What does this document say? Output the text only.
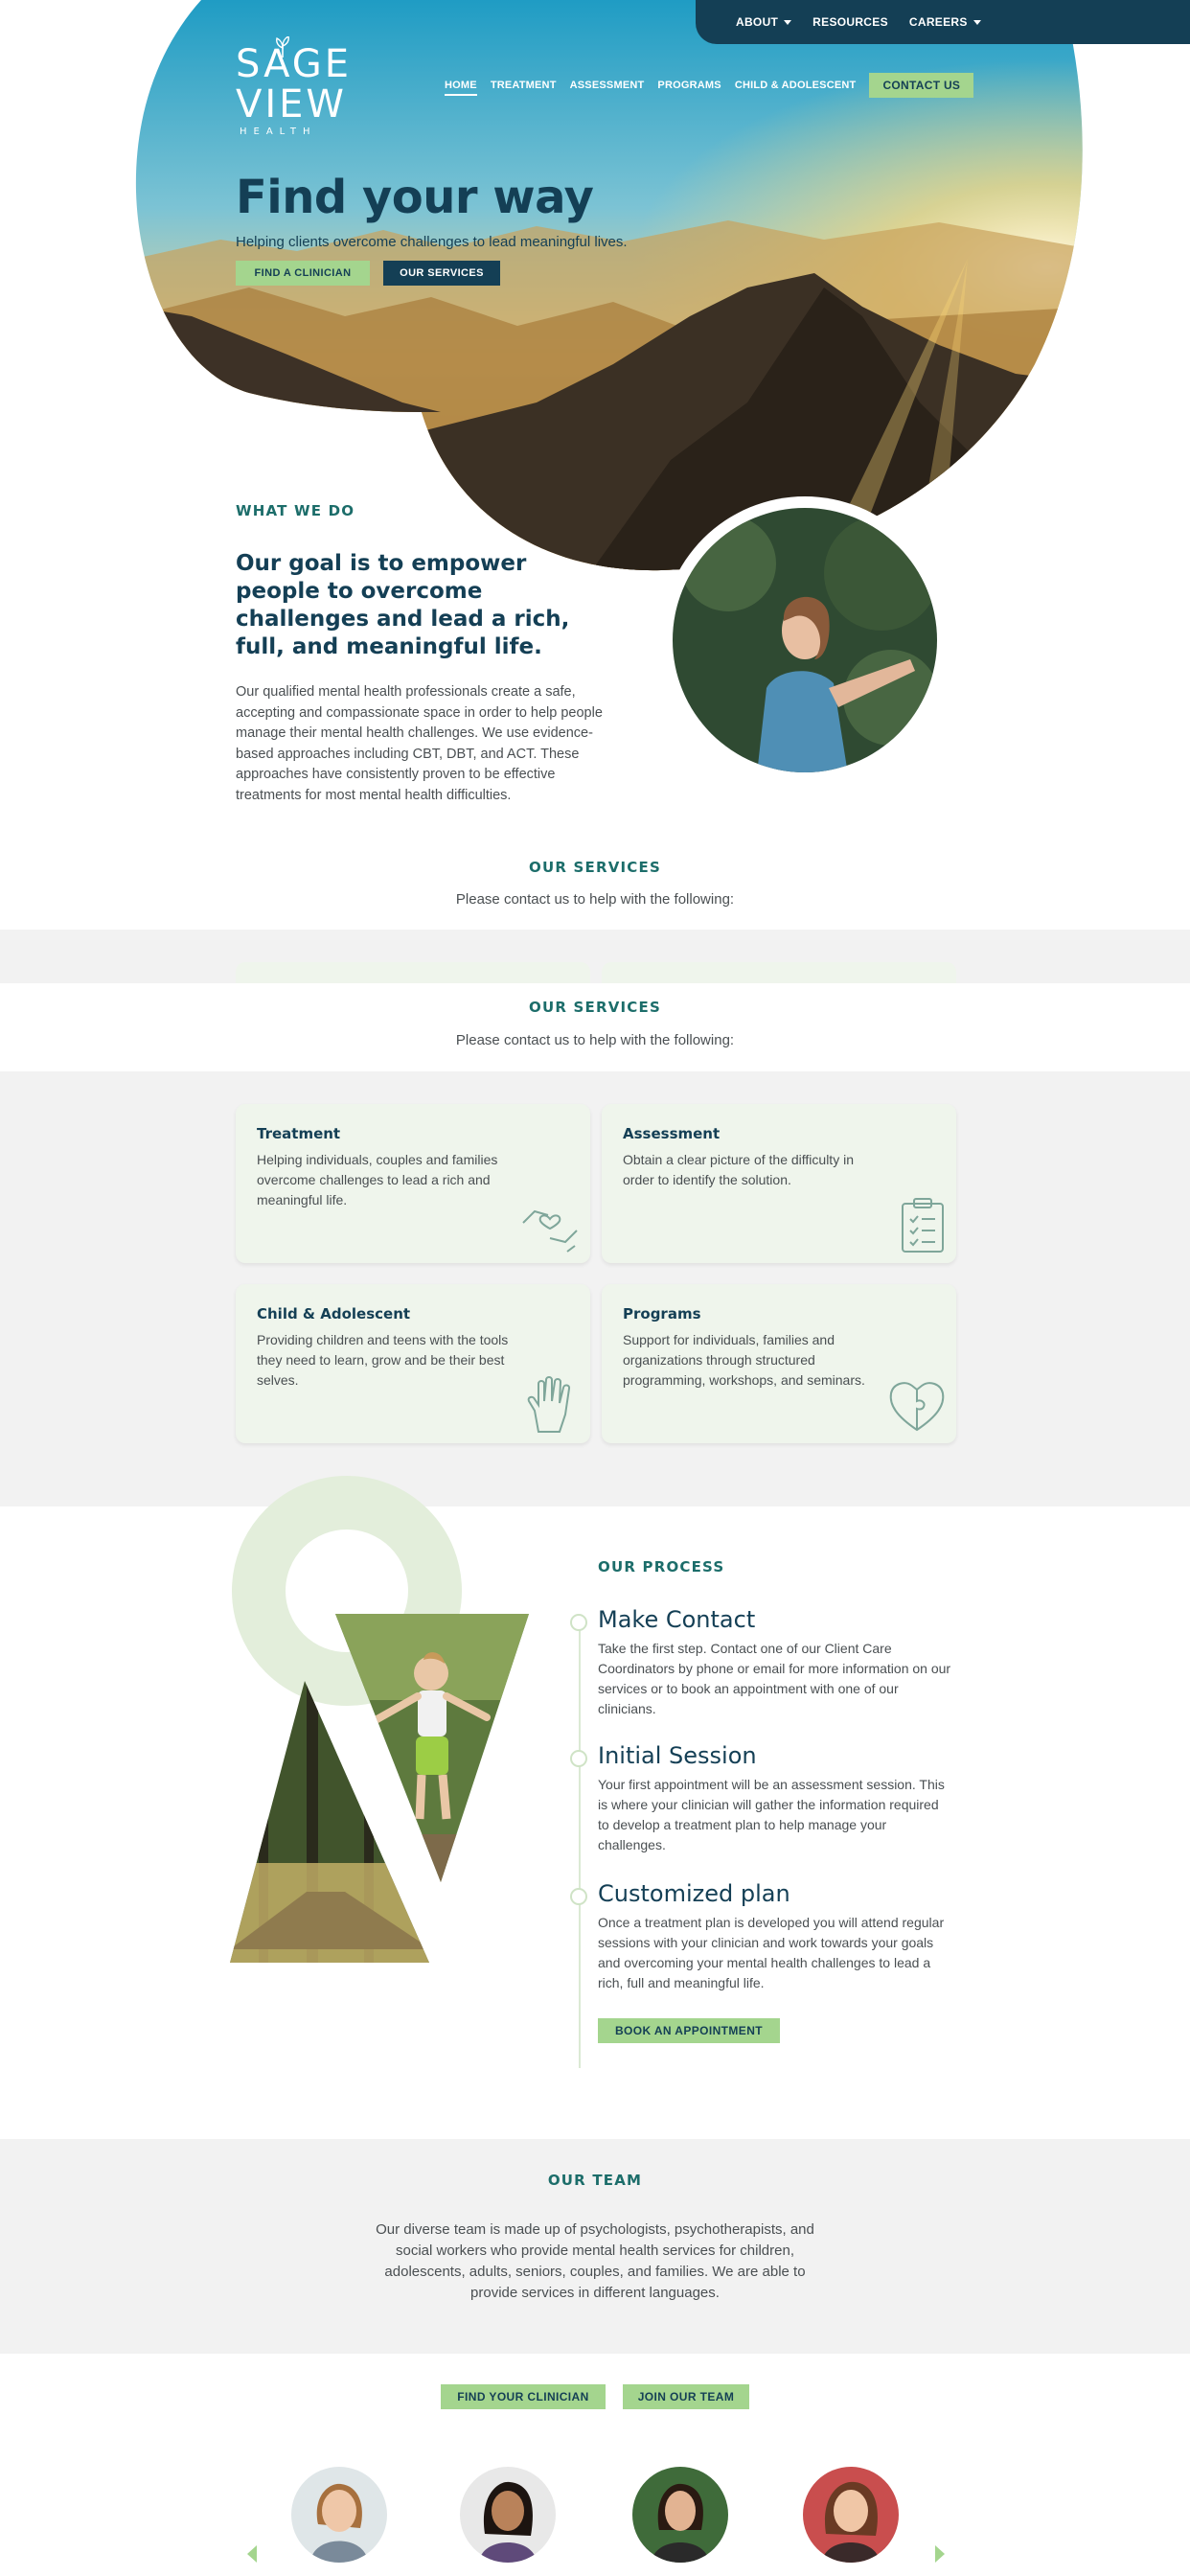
SAGE
VIEW
HEALTH
HOME TREATMENT ASSESSMENT PROGRAMS CHILD & ADOLESCENT	CONTACT US
Find your way
Helping clients overcome challenges to lead meaningful lives.
FIND A CLINICIAN	OUR SERVICES
ABOUT	RESOURCES CAREERS
WHAT WE DO
Our goal is to empower people to overcome challenges and lead a rich, full, and meaningful life.
Our qualified mental health professionals create a safe, accepting and compassionate space in order to help people manage their mental health challenges. We use evidence-based approaches including CBT, DBT, and ACT. These approaches have consistently proven to be effective treatments for most mental health difficulties.
OUR SERVICES
Please contact us to help with the following:
OUR SERVICES
Please contact us to help with the following:
Treatment
Helping individuals, couples and families overcome challenges to lead a rich and meaningful life.
Assessment
Obtain a clear picture of the difficulty in order to identify the solution.
Child & Adolescent
Providing children and teens with the tools they need to learn, grow and be their best selves.
Programs
Support for individuals, families and organizations through structured programming, workshops, and seminars.
OUR PROCESS
Make Contact
Take the first step. Contact one of our Client Care Coordinators by phone or email for more information on our services or to book an appointment with one of our clinicians.
Initial Session
Your first appointment will be an assessment session. This is where your clinician will gather the information required to develop a treatment plan to help manage your challenges.
Customized plan
Once a treatment plan is developed you will attend regular sessions with your clinician and work towards your goals and overcoming your mental health challenges to lead a rich, full and meaningful life.
BOOK AN APPOINTMENT
OUR TEAM
Our diverse team is made up of psychologists, psychotherapists, and social workers who provide mental health services for children, adolescents, adults, seniors, couples, and families. We are able to provide services in different languages.
FIND YOUR CLINICIAN	JOIN OUR TEAM
